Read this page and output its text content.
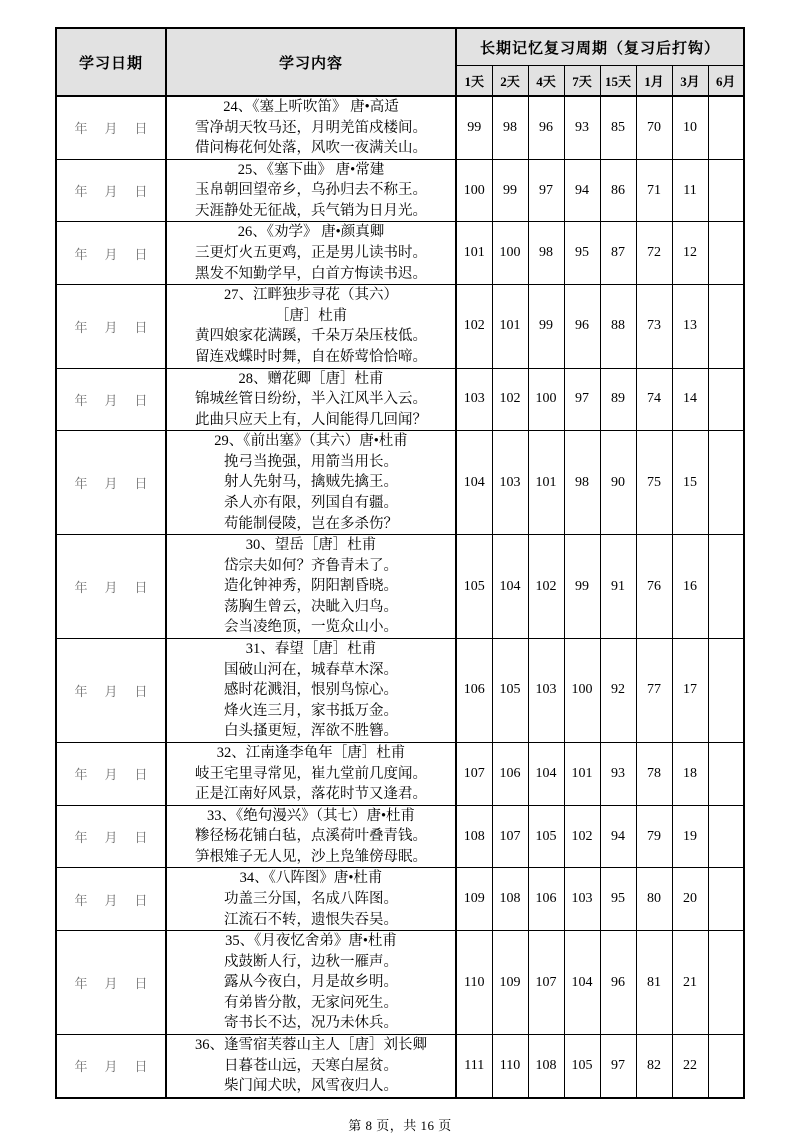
学习日期	学习内容	长期记忆复习周期（复习后打钩）							
		1天	2天	4天	7天	15天	1月	3月	6月

年 月 日	24、《塞上听吹笛》 唐•高适
雪净胡天牧马还，月明羌笛戍楼间。
借问梅花何处落，风吹一夜满关山。	99	98	96	93	85	70	10	

年 月 日	25、《塞下曲》 唐•常建
玉帛朝回望帝乡，乌孙归去不称王。
天涯静处无征战，兵气销为日月光。	100	99	97	94	86	71	11	

年 月 日	26、《劝学》 唐•颜真卿
三更灯火五更鸡，正是男儿读书时。
黑发不知勤学早，白首方悔读书迟。	101	100	98	95	87	72	12	

年 月 日	27、江畔独步寻花（其六）
［唐］杜甫
黄四娘家花满蹊，千朵万朵压枝低。
留连戏蝶时时舞，自在娇莺恰恰啼。	102	101	99	96	88	73	13	

年 月 日	28、赠花卿［唐］杜甫
锦城丝管日纷纷，半入江风半入云。
此曲只应天上有，人间能得几回闻？	103	102	100	97	89	74	14	

年 月 日	29、《前出塞》（其六）唐•杜甫
挽弓当挽强，用箭当用长。
射人先射马，擒贼先擒王。
杀人亦有限，列国自有疆。
苟能制侵陵，岂在多杀伤？	104	103	101	98	90	75	15	

年 月 日	30、望岳［唐］杜甫
岱宗夫如何？齐鲁青未了。
造化钟神秀，阴阳割昏晓。
荡胸生曾云，决眦入归鸟。
会当凌绝顶，一览众山小。	105	104	102	99	91	76	16	

年 月 日	31、春望［唐］杜甫
国破山河在，城春草木深。
感时花溅泪，恨别鸟惊心。
烽火连三月，家书抵万金。
白头搔更短，浑欲不胜簪。	106	105	103	100	92	77	17	

年 月 日	32、江南逢李龟年［唐］杜甫
岐王宅里寻常见，崔九堂前几度闻。
正是江南好风景，落花时节又逢君。	107	106	104	101	93	78	18	

年 月 日	33、《绝句漫兴》（其七）唐•杜甫
糁径杨花铺白毡，点溪荷叶叠青钱。
笋根雉子无人见，沙上凫雏傍母眠。	108	107	105	102	94	79	19	

年 月 日	34、《八阵图》唐•杜甫
功盖三分国，名成八阵图。
江流石不转，遗恨失吞吴。	109	108	106	103	95	80	20	

年 月 日	35、《月夜忆舍弟》唐•杜甫
戍鼓断人行，边秋一雁声。
露从今夜白，月是故乡明。
有弟皆分散，无家问死生。
寄书长不达，况乃未休兵。	110	109	107	104	96	81	21	

年 月 日	36、逢雪宿芙蓉山主人［唐］刘长卿
日暮苍山远，天寒白屋贫。
柴门闻犬吠，风雪夜归人。	111	110	108	105	97	82	22	
第 8 页，共 16 页
